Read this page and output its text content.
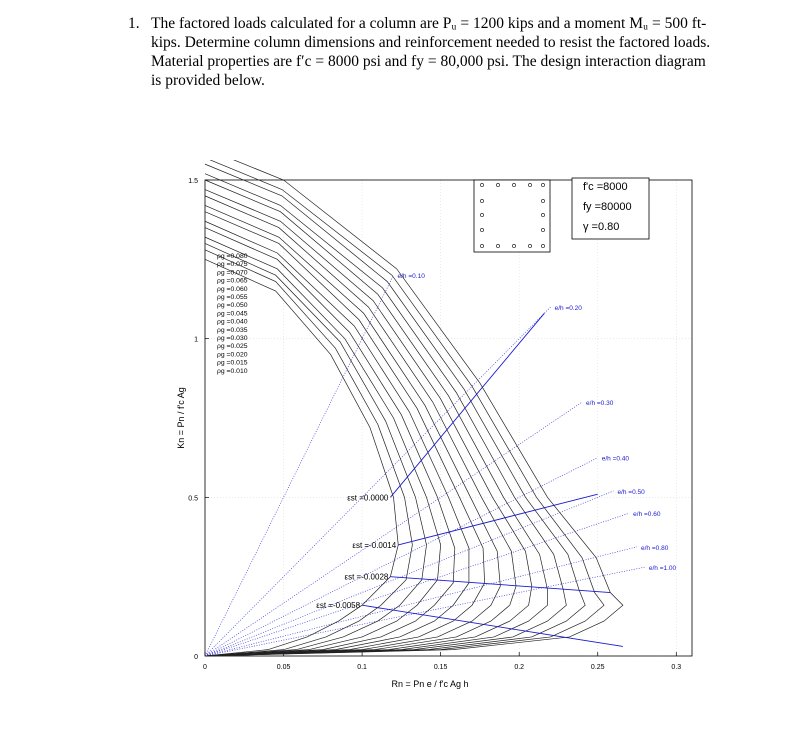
1. The factored loads calculated for a column are Pᵤ = 1200 kips and a moment Mᵤ = 500 ft-kips. Determine column dimensions and reinforcement needed to resist the factored loads. Material properties are f′c = 8000 psi and fy = 80,000 psi. The design interaction diagram is provided below.
0	0.05	0.1	0.15	0.2	0.25	0.3
0
0.5
1
1.5
e/h =0.10
e/h =0.20
e/h =0.30
e/h =0.40
e/h =0.50
e/h =0.60
e/h =0.80
e/h =1.00
εst =0.0000
εst =-0.0014
εst =-0.0028
εst =-0.0058
ρg =0.080
ρg =0.075
ρg =0.070
ρg =0.065
ρg =0.060
ρg =0.055
ρg =0.050
ρg =0.045
ρg =0.040
ρg =0.035
ρg =0.030
ρg =0.025
ρg =0.020
ρg =0.015
ρg =0.010
f'c =8000
fy =80000
γ =0.80
Rn = Pn e / f'c Ag h
Kn = Pn / f'c Ag
